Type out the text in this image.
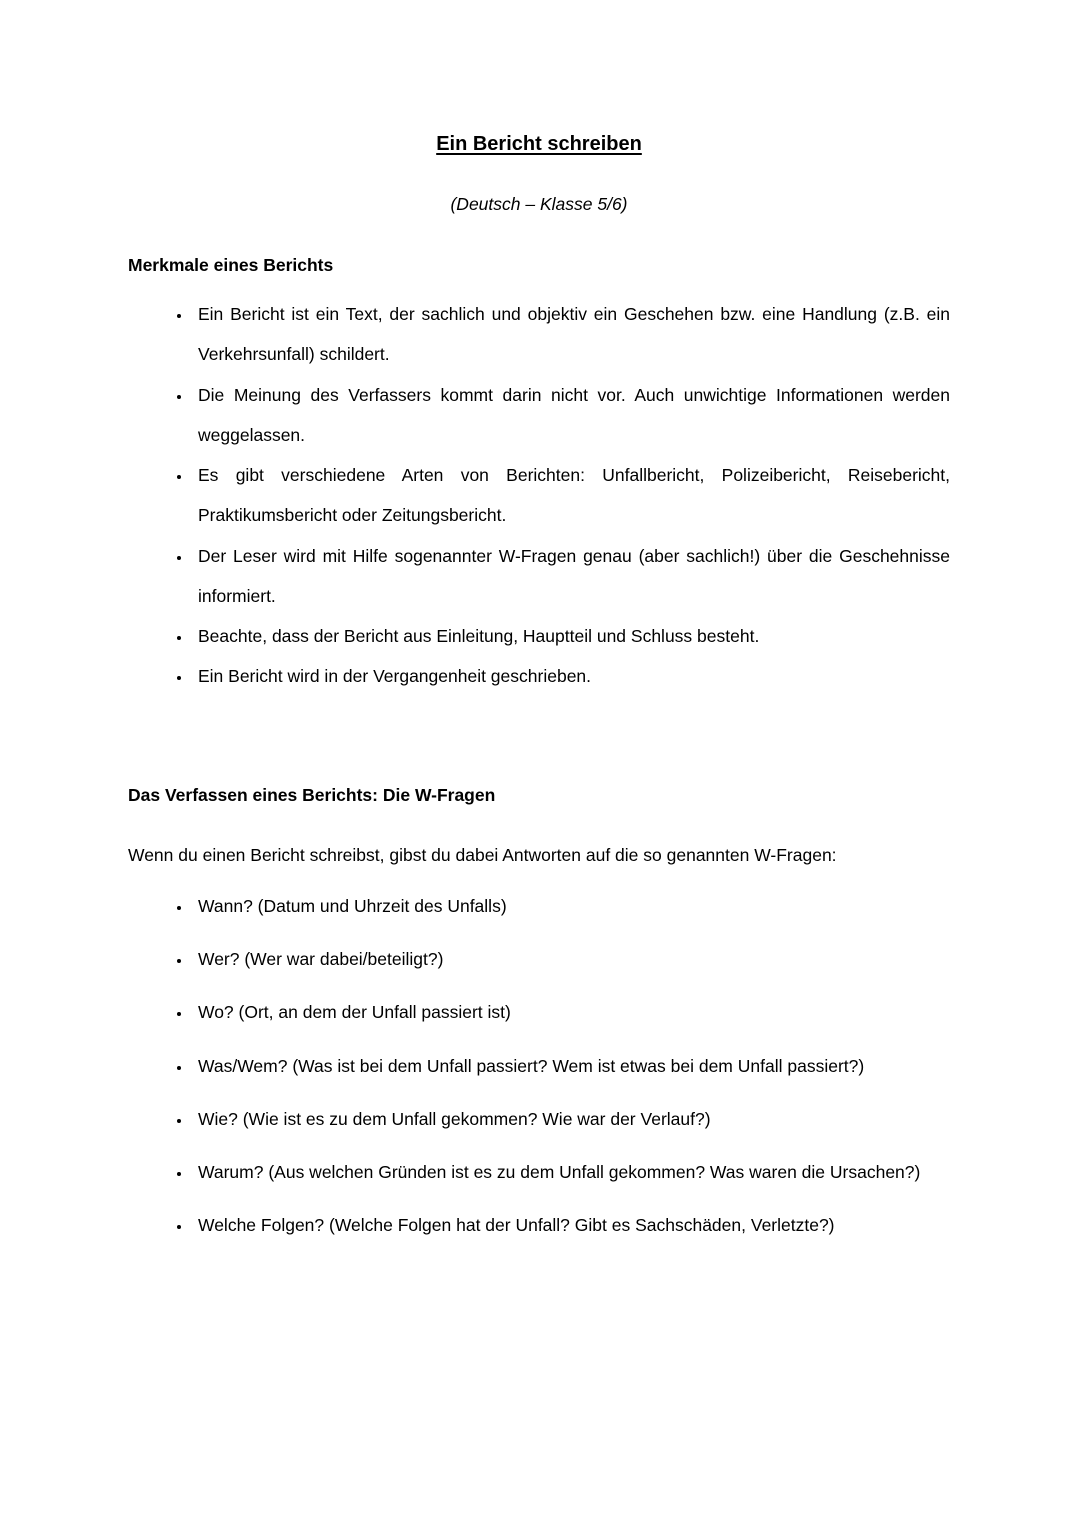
Ein Bericht schreiben
(Deutsch – Klasse 5/6)
Merkmale eines Berichts
• Ein Bericht ist ein Text, der sachlich und objektiv ein Geschehen bzw. eine Handlung (z.B. ein Verkehrsunfall) schildert.
• Die Meinung des Verfassers kommt darin nicht vor. Auch unwichtige Informationen werden weggelassen.
• Es gibt verschiedene Arten von Berichten: Unfallbericht, Polizeibericht, Reisebericht, Praktikumsbericht oder Zeitungsbericht.
• Der Leser wird mit Hilfe sogenannter W-Fragen genau (aber sachlich!) über die Geschehnisse informiert.
• Beachte, dass der Bericht aus Einleitung, Hauptteil und Schluss besteht.
• Ein Bericht wird in der Vergangenheit geschrieben.
Das Verfassen eines Berichts: Die W-Fragen
Wenn du einen Bericht schreibst, gibst du dabei Antworten auf die so genannten W-Fragen:
• Wann? (Datum und Uhrzeit des Unfalls)
• Wer? (Wer war dabei/beteiligt?)
• Wo? (Ort, an dem der Unfall passiert ist)
• Was/Wem? (Was ist bei dem Unfall passiert? Wem ist etwas bei dem Unfall passiert?)
• Wie? (Wie ist es zu dem Unfall gekommen? Wie war der Verlauf?)
• Warum? (Aus welchen Gründen ist es zu dem Unfall gekommen? Was waren die Ursachen?)
• Welche Folgen? (Welche Folgen hat der Unfall? Gibt es Sachschäden, Verletzte?)
